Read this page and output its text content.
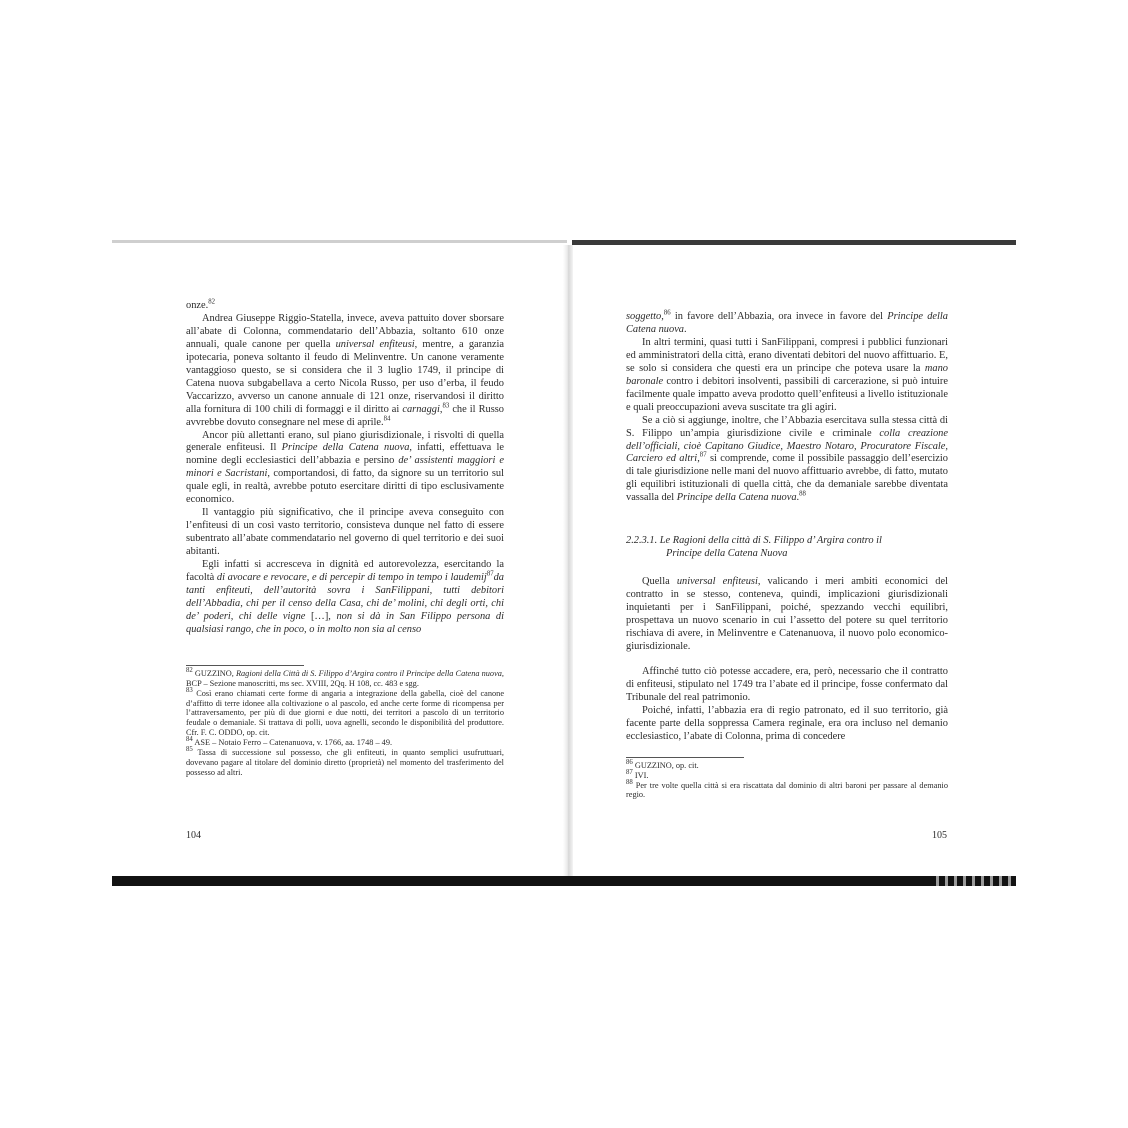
onze.$^{82}$

Andrea Giuseppe Riggio-Statella, invece, aveva pattuito dover sborsare all’abate di Colonna, commendatario dell’Abbazia, soltanto 610 onze annuali, quale canone per quella universal enfiteusi, mentre, a garanzia ipotecaria, poneva soltanto il feudo di Melinventre. Un canone veramente vantaggioso questo, se si considera che il 3 luglio 1749, il principe di Catena nuova subgabellava a certo Nicola Russo, per uso d’erba, il feudo Vaccarizzo, avverso un canone annuale di 121 onze, riservandosi il diritto alla fornitura di 100 chili di formaggi e il diritto ai carnaggi,$^{83}$ che il Russo avvrebbe dovuto consegnare nel mese di aprile.$^{84}$

Ancor più allettanti erano, sul piano giurisdizionale, i risvolti di quella generale enfiteusi. Il Principe della Catena nuova, infatti, effettuava le nomine degli ecclesiastici dell’abbazia e persino de’ assistenti maggiori e minori e Sacristani, comportandosi, di fatto, da signore su un territorio sul quale egli, in realtà, avrebbe potuto esercitare diritti di tipo esclusivamente economico.

Il vantaggio più significativo, che il principe aveva conseguito con l’enfiteusi di un così vasto territorio, consisteva dunque nel fatto di essere subentrato all’abate commendatario nel governo di quel territorio e dei suoi abitanti.

Egli infatti si accresceva in dignità ed autorevolezza, esercitando la facoltà di avocare e revocare, e di percepir di tempo in tempo i laudemij$^{87}$da tanti enfiteuti, dell’autorità sovra i SanFilippani, tutti debitori dell’Abbadia, chi per il censo della Casa, chi de’ molini, chi degli orti, chi de’ poderi, chi delle vigne […], non si dà in San Filippo persona di qualsiasi rango, che in poco, o in molto non sia al censo

$^{82}$ GUZZINO, Ragioni della Città di S. Filippo d’Argira contro il Principe della Catena nuova, BCP – Sezione manoscritti, ms sec. XVIII, 2Qq. H 108, cc. 483 e sgg.

$^{83}$ Così erano chiamati certe forme di angaria a integrazione della gabella, cioè del canone d’affitto di terre idonee alla coltivazione o al pascolo, ed anche certe forme di ricompensa per l’attraversamento, per più di due giorni e due notti, dei territori a pascolo di un territorio feudale o demaniale. Si trattava di polli, uova agnelli, secondo le disponibilità del produttore. Cfr. F. C. ODDO, op. cit.

$^{84}$ ASE – Notaio Ferro – Catenanuova, v. 1766, aa. 1748 – 49.

$^{85}$ Tassa di successione sul possesso, che gli enfiteuti, in quanto semplici usufruttuari, dovevano pagare al titolare del dominio diretto (proprietà) nel momento del trasferimento del possesso ad altri.

104

soggetto,$^{86}$ in favore dell’Abbazia, ora invece in favore del Principe della Catena nuova.

In altri termini, quasi tutti i SanFilippani, compresi i pubblici funzionari ed amministratori della città, erano diventati debitori del nuovo affittuario. E, se solo si considera che questi era un principe che poteva usare la mano baronale contro i debitori insolventi, passibili di carcerazione, si può intuire facilmente quale impatto aveva prodotto quell’enfiteusi a livello istituzionale e quali preoccupazioni aveva suscitate tra gli agiri.

Se a ciò si aggiunge, inoltre, che l’Abbazia esercitava sulla stessa città di S. Filippo un’ampia giurisdizione civile e criminale colla creazione dell’officiali, cioè Capitano Giudice, Maestro Notaro, Procuratore Fiscale, Carciero ed altri,$^{87}$ si comprende, come il possibile passaggio dell’esercizio di tale giurisdizione nelle mani del nuovo affittuario avrebbe, di fatto, mutato gli equilibri istituzionali di quella città, che da demaniale sarebbe diventata vassalla del Principe della Catena nuova.$^{88}$

2.2.3.1. Le Ragioni della città di S. Filippo d’ Argira contro il
Principe della Catena Nuova

Quella universal enfiteusi, valicando i meri ambiti economici del contratto in se stesso, conteneva, quindi, implicazioni giurisdizionali inquietanti per i SanFilippani, poiché, spezzando vecchi equilibri, prospettava un nuovo scenario in cui l’assetto del potere su quel territorio rischiava di avere, in Melinventre e Catenanuova, il nuovo polo economico-giurisdizionale.

Affinché tutto ciò potesse accadere, era, però, necessario che il contratto di enfiteusi, stipulato nel 1749 tra l’abate ed il principe, fosse confermato dal Tribunale del real patrimonio.

Poiché, infatti, l’abbazia era di regio patronato, ed il suo territorio, già facente parte della soppressa Camera reginale, era ora incluso nel demanio ecclesiastico, l’abate di Colonna, prima di concedere

$^{86}$ GUZZINO, op. cit.

$^{87}$ IVI.

$^{88}$ Per tre volte quella città si era riscattata dal dominio di altri baroni per passare al demanio regio.

105
